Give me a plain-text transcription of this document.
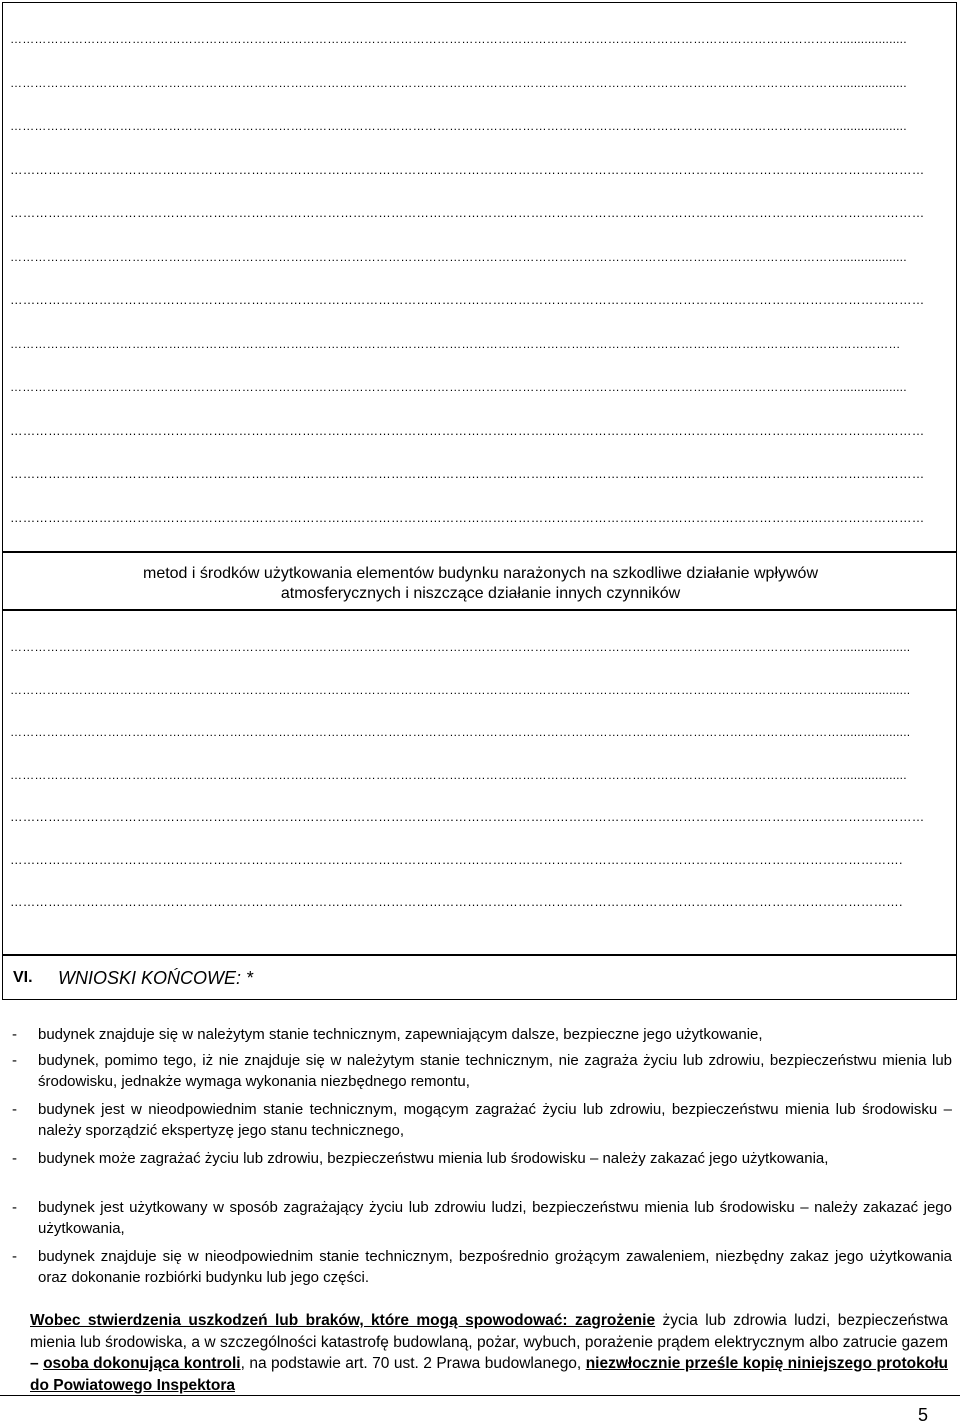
metod i środków użytkowania elementów budynku narażonych na szkodliwe działanie wpływów
atmosferycznych i niszczące działanie innych czynników
VI. WNIOSKI KOŃCOWE: *
……………………………………………………………………………………………………………………………………………………………………………………...................
……………………………………………………………………………………………………………………………………………………………………………………...................
……………………………………………………………………………………………………………………………………………………………………………………...................
………………………………………………………………………………………………………………………………………………………………………………………………
………………………………………………………………………………………………………………………………………………………………………………………………
……………………………………………………………………………………………………………………………………………………………………………………...................
………………………………………………………………………………………………………………………………………………………………………………………………
…………………………………………………………………………………………………………………………………………………………………………………………………
……………………………………………………………………………………………………………………………………………………………………………………...................
………………………………………………………………………………………………………………………………………………………………………………………………
………………………………………………………………………………………………………………………………………………………………………………………………
………………………………………………………………………………………………………………………………………………………………………………………………
……………………………………………………………………………………………………………………………………………………………………………………....................
……………………………………………………………………………………………………………………………………………………………………………………....................
……………………………………………………………………………………………………………………………………………………………………………………....................
……………………………………………………………………………………………………………………………………………………………………………………...................
………………………………………………………………………………………………………………………………………………………………………………………………
………………………………………………………………………………………………………………………………………………………………………………………….
………………………………………………………………………………………………………………………………………………………………………………………….
- budynek znajduje się w należytym stanie technicznym, zapewniającym dalsze, bezpieczne jego użytkowanie,
- budynek, pomimo tego, iż nie znajduje się w należytym stanie technicznym, nie zagraża życiu lub zdrowiu, bezpieczeństwu mienia lub środowisku, jednakże wymaga wykonania niezbędnego remontu,
- budynek jest w nieodpowiednim stanie technicznym, mogącym zagrażać życiu lub zdrowiu, bezpieczeństwu mienia lub środowisku – należy sporządzić ekspertyzę jego stanu technicznego,
- budynek może zagrażać życiu lub zdrowiu, bezpieczeństwu mienia lub środowisku – należy zakazać jego użytkowania,
- budynek jest użytkowany w sposób zagrażający życiu lub zdrowiu ludzi, bezpieczeństwu mienia lub środowisku – należy zakazać jego użytkowania,
- budynek znajduje się w nieodpowiednim stanie technicznym, bezpośrednio grożącym zawaleniem, niezbędny zakaz jego użytkowania oraz dokonanie rozbiórki budynku lub jego części.
Wobec stwierdzenia uszkodzeń lub braków, które mogą spowodować: zagrożenie życia lub zdrowia ludzi, bezpieczeństwa mienia lub środowiska, a w szczególności katastrofę budowlaną, pożar, wybuch, porażenie prądem elektrycznym albo zatrucie gazem – osoba dokonująca kontroli, na podstawie art. 70 ust. 2 Prawa budowlanego, niezwłocznie prześle kopię niniejszego protokołu do Powiatowego Inspektora
5
